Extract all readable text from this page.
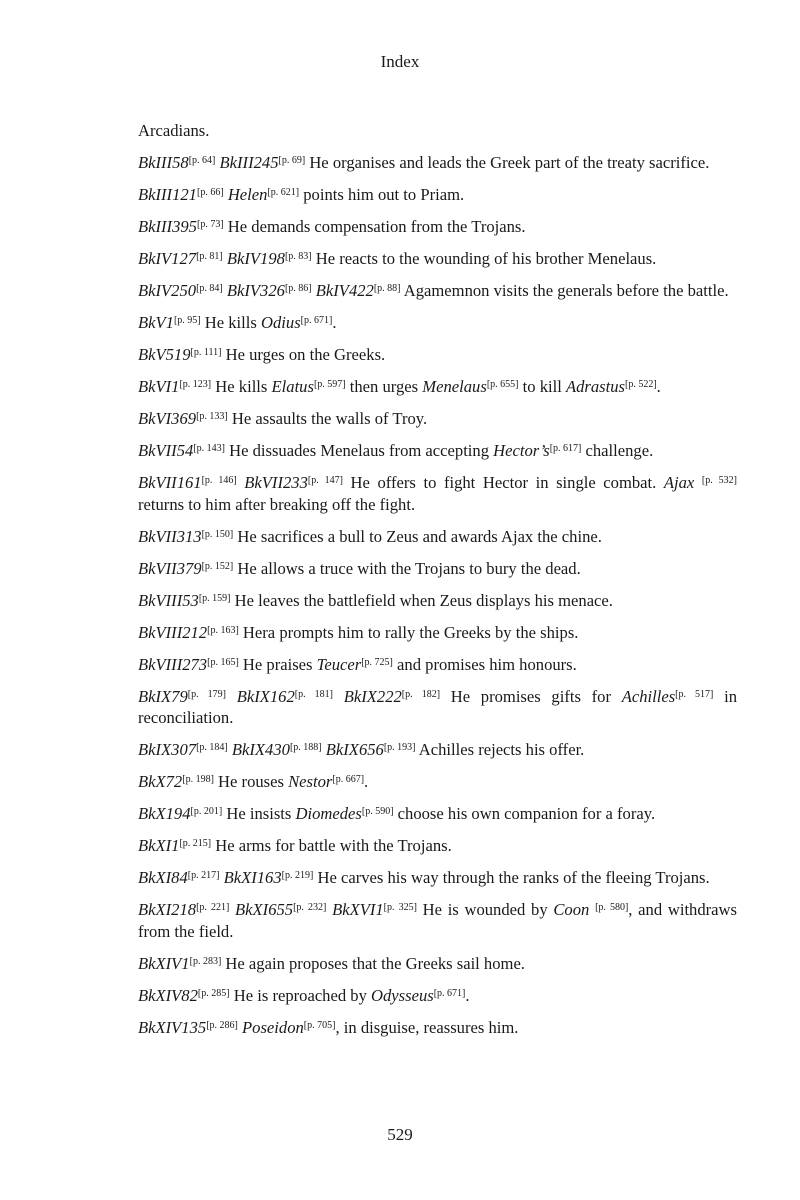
Index

Arcadians.

BkIII58[p. 64] BkIII245[p. 69] He organises and leads the Greek part of the treaty sacrifice.

BkIII121[p. 66] Helen[p. 621] points him out to Priam.

BkIII395[p. 73] He demands compensation from the Trojans.

BkIV127[p. 81] BkIV198[p. 83] He reacts to the wounding of his brother Menelaus.

BkIV250[p. 84] BkIV326[p. 86] BkIV422[p. 88] Agamemnon visits the generals before the battle.

BkV1[p. 95] He kills Odius[p. 671].

BkV519[p. 111] He urges on the Greeks.

BkVI1[p. 123] He kills Elatus[p. 597] then urges Menelaus[p. 655] to kill Adrastus[p. 522].

BkVI369[p. 133] He assaults the walls of Troy.

BkVII54[p. 143] He dissuades Menelaus from accepting Hector’s[p. 617] challenge.

BkVII161[p. 146] BkVII233[p. 147] He offers to fight Hector in single combat. Ajax [p. 532] returns to him after breaking off the fight.

BkVII313[p. 150] He sacrifices a bull to Zeus and awards Ajax the chine.

BkVII379[p. 152] He allows a truce with the Trojans to bury the dead.

BkVIII53[p. 159] He leaves the battlefield when Zeus displays his menace.

BkVIII212[p. 163] Hera prompts him to rally the Greeks by the ships.

BkVIII273[p. 165] He praises Teucer[p. 725] and promises him honours.

BkIX79[p. 179] BkIX162[p. 181] BkIX222[p. 182] He promises gifts for Achilles[p. 517] in reconciliation.

BkIX307[p. 184] BkIX430[p. 188] BkIX656[p. 193] Achilles rejects his offer.

BkX72[p. 198] He rouses Nestor[p. 667].

BkX194[p. 201] He insists Diomedes[p. 590] choose his own companion for a foray.

BkXI1[p. 215] He arms for battle with the Trojans.

BkXI84[p. 217] BkXI163[p. 219] He carves his way through the ranks of the fleeing Trojans.

BkXI218[p. 221] BkXI655[p. 232] BkXVI1[p. 325] He is wounded by Coon [p. 580], and withdraws from the field.

BkXIV1[p. 283] He again proposes that the Greeks sail home.

BkXIV82[p. 285] He is reproached by Odysseus[p. 671].

BkXIV135[p. 286] Poseidon[p. 705], in disguise, reassures him.

529
